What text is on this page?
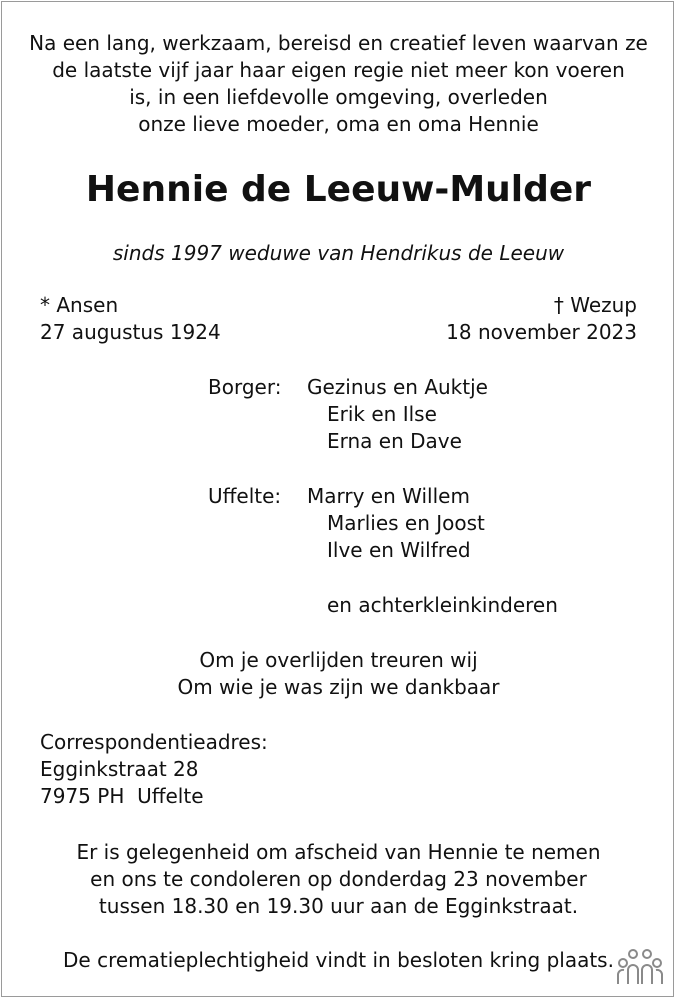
Na een lang, werkzaam, bereisd en creatief leven waarvan ze
de laatste vijf jaar haar eigen regie niet meer kon voeren
is, in een liefdevolle omgeving, overleden
onze lieve moeder, oma en oma Hennie
Hennie de Leeuw-Mulder
sinds 1997 weduwe van Hendrikus de Leeuw
* Ansen
27 augustus 1924
† Wezup
18 november 2023
Borger: Gezinus en Auktje
Erik en Ilse
Erna en Dave
Uffelte: Marry en Willem
Marlies en Joost
Ilve en Wilfred
en achterkleinkinderen
Om je overlijden treuren wij
Om wie je was zijn we dankbaar
Correspondentieadres:
Egginkstraat 28
7975 PH  Uffelte
Er is gelegenheid om afscheid van Hennie te nemen
en ons te condoleren op donderdag 23 november
tussen 18.30 en 19.30 uur aan de Egginkstraat.
De crematieplechtigheid vindt in besloten kring plaats.
